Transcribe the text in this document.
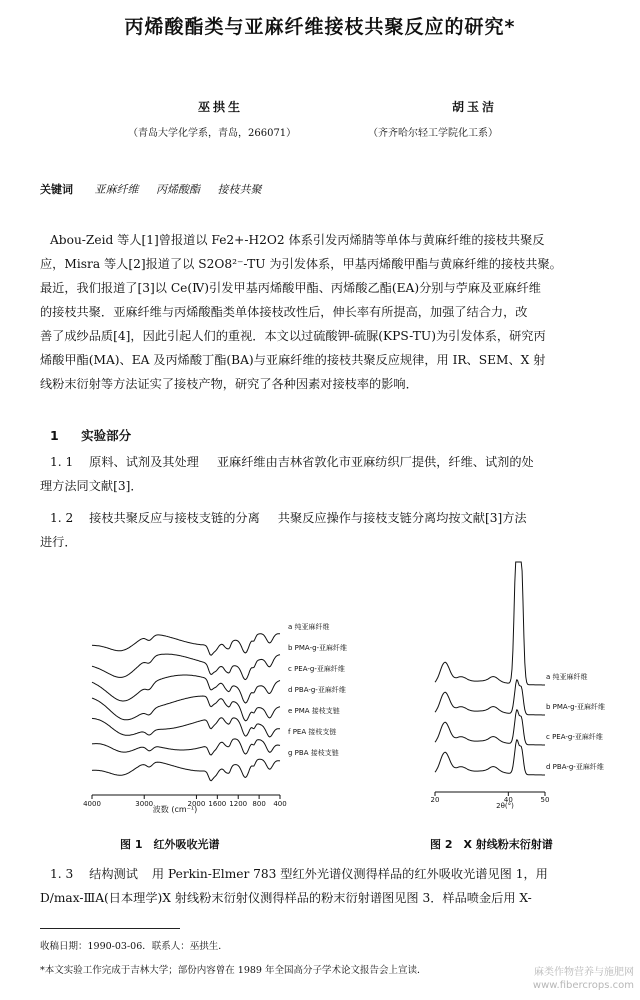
丙烯酸酯类与亚麻纤维接枝共聚反应的研究*
巫拱生
（青岛大学化学系，青岛，266071）
胡玉洁
（齐齐哈尔轻工学院化工系）
关键词 亚麻纤维 丙烯酸酯 接枝共聚
Abou-Zeid 等人[1]曾报道以 Fe2+-H2O2 体系引发丙烯腈等单体与黄麻纤维的接枝共聚反
应，Misra 等人[2]报道了以 S2O8²⁻-TU 为引发体系，甲基丙烯酸甲酯与黄麻纤维的接枝共聚。
最近，我们报道了[3]以 Ce(Ⅳ)引发甲基丙烯酸甲酯、丙烯酸乙酯(EA)分别与苧麻及亚麻纤维
的接枝共聚．亚麻纤维与丙烯酸酯类单体接枝改性后，伸长率有所提高，加强了结合力，改
善了成纱品质[4]，因此引起人们的重视．本文以过硫酸钾-硫脲(KPS-TU)为引发体系，研究丙
烯酸甲酯(MA)、EA 及丙烯酸丁酯(BA)与亚麻纤维的接枝共聚反应规律，用 IR、SEM、X 射
线粉末衍射等方法证实了接枝产物，研究了各种因素对接枝率的影响．
1 实验部分
1. 1 原料、试剂及其处理 亚麻纤维由吉林省敦化市亚麻纺织厂提供，纤维、试剂的处
理方法同文献[3]．
1. 2 接枝共聚反应与接枝支链的分离 共聚反应操作与接枝支链分离均按文献[3]方法
进行．
4000	3000	2000 1600 1200 800 400
波数 (cm⁻¹)
a 纯亚麻纤维
b PMA-g-亚麻纤维
c PEA-g-亚麻纤维
d PBA-g-亚麻纤维
e PMA 接枝支链
f PEA 接枝支链
g PBA 接枝支链
图 1　红外吸收光谱
20	40	50
2θ(°)
a 纯亚麻纤维
b PMA-g-亚麻纤维
c PEA-g-亚麻纤维
d PBA-g-亚麻纤维
图 2　X 射线粉末衍射谱
1. 3 结构测试 用 Perkin-Elmer 783 型红外光谱仪测得样品的红外吸收光谱见图 1，用
D/max-ⅢA(日本理学)X 射线粉末衍射仪测得样品的粉末衍射谱图见图 3．样品喷金后用 X-
收稿日期：1990-03-06．联系人：巫拱生．
*本文实验工作完成于吉林大学；部份内容曾在 1989 年全国高分子学术论文报告会上宣读．	麻类作物营养与施肥网
www.fibercrops.com
